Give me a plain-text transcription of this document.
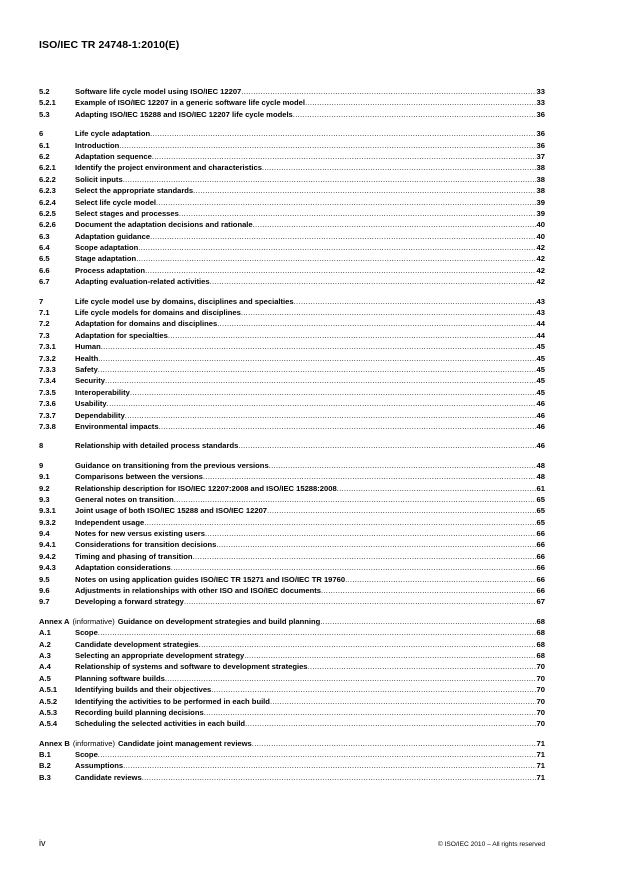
ISO/IEC TR 24748-1:2010(E)
5.2	Software life cycle model using ISO/IEC 12207 .....	33
5.2.1	Example of ISO/IEC 12207 in a generic software life cycle model .....	33
5.3	Adapting ISO/IEC 15288 and ISO/IEC 12207 life cycle models .....	36
6	Life cycle adaptation .....	36
6.1	Introduction .....	36
6.2	Adaptation sequence .....	37
6.2.1	Identify the project environment and characteristics .....	38
6.2.2	Solicit inputs .....	38
6.2.3	Select the appropriate standards .....	38
6.2.4	Select life cycle model .....	39
6.2.5	Select stages and processes .....	39
6.2.6	Document the adaptation decisions and rationale .....	40
6.3	Adaptation guidance .....	40
6.4	Scope adaptation .....	42
6.5	Stage adaptation .....	42
6.6	Process adaptation .....	42
6.7	Adapting evaluation-related activities .....	42
7	Life cycle model use by domains, disciplines and specialties .....	43
7.1	Life cycle models for domains and disciplines .....	43
7.2	Adaptation for domains and disciplines .....	44
7.3	Adaptation for specialties .....	44
7.3.1	Human .....	45
7.3.2	Health .....	45
7.3.3	Safety .....	45
7.3.4	Security .....	45
7.3.5	Interoperability .....	45
7.3.6	Usability .....	46
7.3.7	Dependability .....	46
7.3.8	Environmental impacts .....	46
8	Relationship with detailed process standards .....	46
9	Guidance on transitioning from the previous versions .....	48
9.1	Comparisons between the versions .....	48
9.2	Relationship description for ISO/IEC 12207:2008 and ISO/IEC 15288:2008 .....	61
9.3	General notes on transition .....	65
9.3.1	Joint usage of both ISO/IEC 15288 and ISO/IEC 12207 .....	65
9.3.2	Independent usage .....	65
9.4	Notes for new versus existing users .....	66
9.4.1	Considerations for transition decisions .....	66
9.4.2	Timing and phasing of transition .....	66
9.4.3	Adaptation considerations .....	66
9.5	Notes on using application guides ISO/IEC TR 15271 and ISO/IEC TR 19760 .....	66
9.6	Adjustments in relationships with other ISO and ISO/IEC documents .....	66
9.7	Developing a forward strategy .....	67
Annex A (informative) Guidance on development strategies and build planning .....	68
A.1	Scope .....	68
A.2	Candidate development strategies .....	68
A.3	Selecting an appropriate development strategy .....	68
A.4	Relationship of systems and software to development strategies .....	70
A.5	Planning software builds .....	70
A.5.1	Identifying builds and their objectives .....	70
A.5.2	Identifying the activities to be performed in each build .....	70
A.5.3	Recording build planning decisions .....	70
A.5.4	Scheduling the selected activities in each build .....	70
Annex B (informative) Candidate joint management reviews .....	71
B.1	Scope .....	71
B.2	Assumptions .....	71
B.3	Candidate reviews .....	71
iv	© ISO/IEC 2010 – All rights reserved
